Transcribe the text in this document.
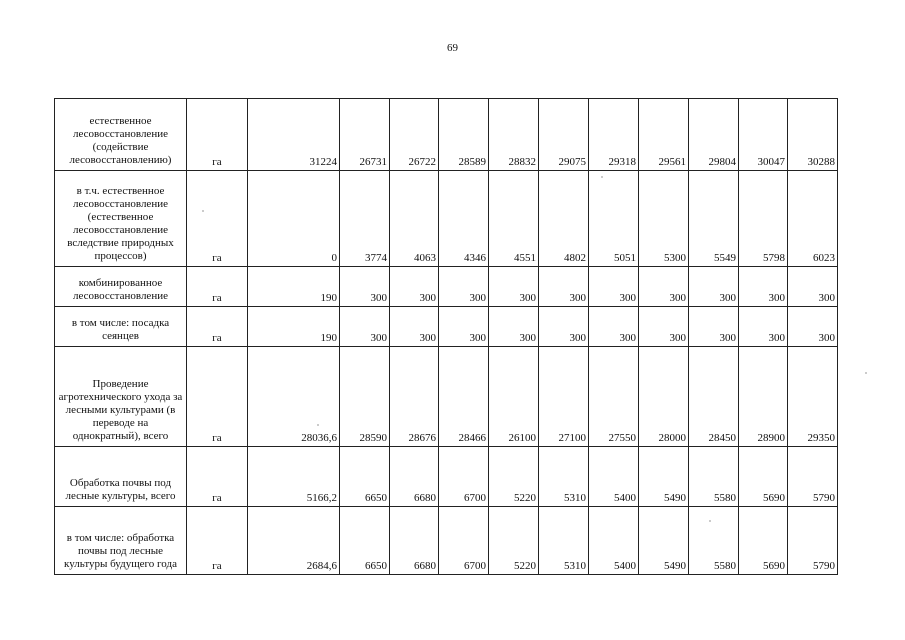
69
естественное лесовосстановление (содействие лесовосстановлению)	га	31224	26731	26722	28589	28832	29075	29318	29561	29804	30047	30288
в т.ч. естественное лесовосстановление (естественное лесовосстановление вследствие природных процессов)	га	0	3774	4063	4346	4551	4802	5051	5300	5549	5798	6023
комбинированное лесовосстановление	га	190	300	300	300	300	300	300	300	300	300	300
в том числе: посадка сеянцев	га	190	300	300	300	300	300	300	300	300	300	300
Проведение агротехнического ухода за лесными культурами (в переводе на однократный), всего	га	28036,6	28590	28676	28466	26100	27100	27550	28000	28450	28900	29350
Обработка почвы под лесные культуры, всего	га	5166,2	6650	6680	6700	5220	5310	5400	5490	5580	5690	5790
в том числе: обработка почвы под лесные культуры будущего года	га	2684,6	6650	6680	6700	5220	5310	5400	5490	5580	5690	5790
